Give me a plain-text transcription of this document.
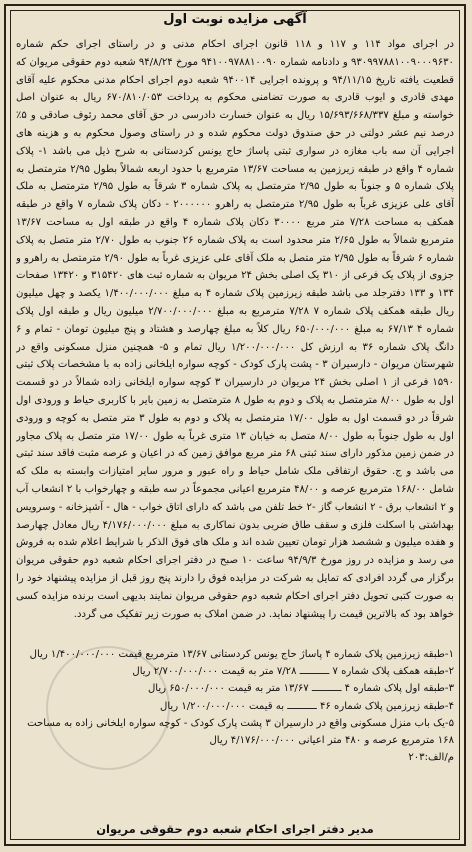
آگهی مزایده نوبت اول
در اجرای مواد ۱۱۴ و ۱۱۷ و ۱۱۸ قانون اجرای احکام مدنی و در راستای اجرای حکم شماره ۹۳۰۹۹۷۸۸۱۰۰۹۰۰۰۹۶۳۰ و دادنامه شماره ۹۴۱۰۰۹۷۸۸۱۰۰۹۰ مورخ ۹۴/۸/۲۴ شعبه دوم حقوقی مریوان که قطعیت یافته تاریخ ۹۴/۱۱/۱۵ و پرونده اجرایی ۹۴۰۰۱۴ شعبه دوم اجرای احکام مدنی محکوم علیه آقای مهدی قادری و ایوب قادری به صورت تضامنی محکوم به پرداخت ۶۷۰/۸۱۰/۰۵۳ ریال به عنوان اصل خواسته و مبلغ ۱۵/۶۹۳/۶۶۸/۳۳۷ ریال به عنوان خسارت دادرسی در حق آقای محمد رئوف صادقی و ۵٪ درصد نیم عشر دولتی در حق صندوق دولت محکوم شده و در راستای وصول محکوم به و هزینه های اجرایی آن سه باب مغازه در سواری ثبتی پاساژ حاج یونس کردستانی به شرح ذیل می باشد ۱- پلاک شماره ۴ واقع در طبقه زیرزمین به مساحت ۱۳/۶۷ مترمربع با حدود اربعه شمالاً بطول ۲/۹۵ مترمتصل به پلاک شماره ۵ و جنوباً به طول ۲/۹۵ مترمتصل به پلاک شماره ۳ شرقاً به طول ۲/۹۵ مترمتصل به ملک آقای علی عزیزی غرباً به طول ۲/۹۵ مترمتصل به راهرو ۲۰۰۰۰۰۰ - دکان پلاک شماره ۷ واقع در طبقه همکف به مساحت ۷/۲۸ متر مربع ۳۰۰۰۰ دکان پلاک شماره ۴ واقع در طبقه اول به مساحت ۱۳/۶۷ مترمربع شمالاً به طول ۲/۶۵ متر محدود است به پلاک شماره ۲۶ جنوب به طول ۲/۷۰ متر متصل به پلاک شماره ۶ شرقاً به طول ۲/۹۵ متر متصل به ملک آقای علی عزیزی غرباً به طول ۲/۹۰ مترمتصل به راهرو و جزوی از پلاک یک فرعی از ۳۱۰ یک اصلی بخش ۲۴ مریوان به شماره ثبت های ۳۱۵۴۲۰ و ۱۳۴۲۰ صفحات ۱۳۴ و ۱۳۳ دفترجلد می باشد طبقه زیرزمین پلاک شماره ۴ به مبلغ ۱/۴۰۰/۰۰۰/۰۰۰ یکصد و چهل میلیون ریال طبقه همکف پلاک شماره ۷ ۷/۲۸ مترمربع به مبلغ ۲/۷۰۰/۰۰۰/۰۰۰ میلیون ریال و طبقه اول پلاک شماره ۴ ۶۷/۱۳ به مبلغ ۶۵۰/۰۰۰/۰۰۰ ریال کلاً به مبلغ چهارصد و هشتاد و پنج میلیون تومان - تمام و ۶ دانگ پلاک شماره ۳۶ به ارزش کل ۱/۲۰۰/۰۰۰/۰۰۰ ریال تمام و ۵- همچنین منزل مسکونی واقع در شهرستان مریوان - دارسیران ۳ - پشت پارک کودک - کوچه سواره ایلخانی زاده به با مشخصات پلاک ثبتی ۱۵۹۰ فرعی از ۱ اصلی بخش ۲۴ مریوان در دارسیران ۳ کوچه سواره ایلخانی زاده شمالاً در دو قسمت اول به طول ۸/۰۰ مترمتصل به پلاک و دوم به طول ۸ مترمتصل به زمین بایر با کاربری حیاط و ورودی اول شرقاً در دو قسمت اول به طول ۱۷/۰۰ مترمتصل به پلاک و دوم به طول ۳ متر متصل به کوچه و ورودی اول به طول جنوباً به طول ۸/۰۰ متصل به خیابان ۱۳ متری غرباً به طول ۱۷/۰۰ متر متصل به پلاک مجاور در ضمن زمین مذکور دارای سند ثبتی ۶۸ متر مربع موافق زمین که در اعیان و عرصه مثبت فاقد سند ثبتی می باشد و ج. حقوق ارتفاقی ملک شامل حیاط و راه عبور و مرور سایر امتیازات وابسته به ملک که شامل ۱۶۸/۰۰ مترمربع عرصه و ۴۸/۰۰ مترمربع اعیانی مجموعاً در سه طبقه و چهارخواب با ۲ انشعاب آب و ۲ انشعاب برق - ۲ انشعاب گاز -۲ خط تلفن می باشد که دارای اتاق خواب - هال - آشپزخانه - وسرویس بهداشتی با اسکلت فلزی و سقف طاق ضربی بدون نماکاری به مبلغ ۴/۱۷۶/۰۰۰/۰۰۰ ریال معادل چهارصد و هفده میلیون و ششصد هزار تومان تعیین شده اند و ملک های فوق الذکر با شرایط اعلام شده به فروش می رسد و مزایده در روز مورخ ۹۴/۹/۳ ساعت ۱۰ صبح در دفتر اجرای احکام شعبه دوم حقوقی مریوان برگزار می گردد افرادی که تمایل به شرکت در مزایده فوق را دارند پنج روز قبل از مزایده پیشنهاد خود را به صورت کتبی تحویل دفتر اجرای احکام شعبه دوم حقوقی مریوان نمایند بدیهی است برنده مزایده کسی خواهد بود که بالاترین قیمت را پیشنهاد نماید. در ضمن املاک به صورت زیر تفکیک می گردد.
۱-طبقه زیرزمین پلاک شماره ۴ پاساژ حاج یونس کردستانی ۱۳/۶۷ مترمربع قیمت ۱/۴۰۰/۰۰۰/۰۰۰ ریال
۲-طبقه همکف پلاک شماره ۷ ــــــــــ ۷/۲۸ متر به قیمت ۲/۷۰۰/۰۰۰/۰۰۰ ریال
۳-طبقه اول پلاک شماره ۴ ــــــــــ ۱۳/۶۷ متر به قیمت ۶۵۰/۰۰۰/۰۰۰ ریال
۴-طبقه زیرزمین پلاک شماره ۴۶ ــــــــــ به قیمت ۱/۲۰۰/۰۰۰/۰۰۰ ریال
۵-یک باب منزل مسکونی واقع در دارسیران ۳ پشت پارک کودک - کوچه سواره ایلخانی زاده به مساحت ۱۶۸ مترمربع عرصه و ۴۸۰ متر اعیانی ۴/۱۷۶/۰۰۰/۰۰۰ ریال
م/الف:۲۰۳
مدیر دفتر اجرای احکام شعبه دوم حقوقی مریوان
